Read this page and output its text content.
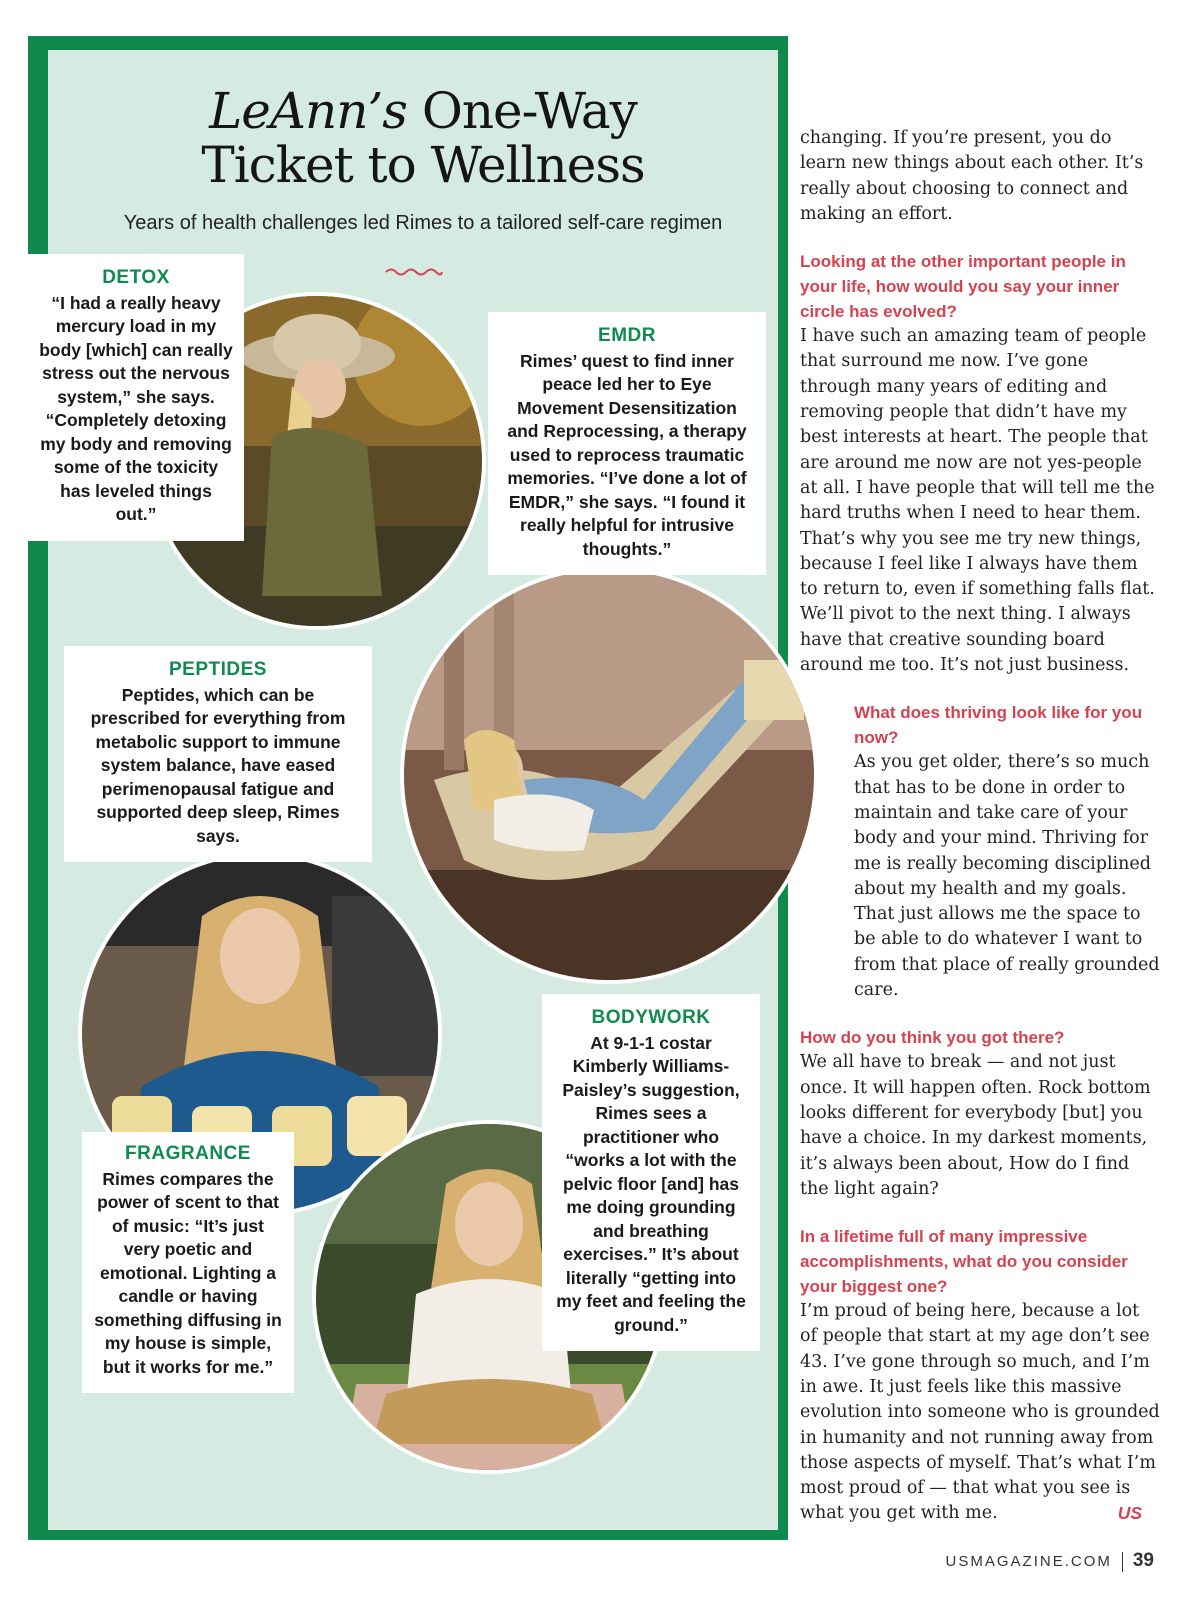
LeAnn’s One-Way
Ticket to Wellness
Years of health challenges led Rimes to a tailored self-care regimen
DETOX
“I had a really heavy mercury load in my body [which] can really stress out the nervous system,” she says. “Completely detoxing my body and removing some of the toxicity has leveled things out.”
EMDR
Rimes’ quest to find inner peace led her to Eye Movement Desensitization and Reprocessing, a therapy used to reprocess traumatic memories. “I’ve done a lot of EMDR,” she says. “I found it really helpful for intrusive thoughts.”
PEPTIDES
Peptides, which can be prescribed for everything from metabolic support to immune system balance, have eased perimenopausal fatigue and supported deep sleep, Rimes says.
FRAGRANCE
Rimes compares the power of scent to that of music: “It’s just very poetic and emotional. Lighting a candle or having something diffusing in my house is simple, but it works for me.”
BODYWORK
At 9-1-1 costar Kimberly Williams-Paisley’s suggestion, Rimes sees a practitioner who “works a lot with the pelvic floor [and] has me doing grounding and breathing exercises.” It’s about literally “getting into my feet and feeling the ground.”

changing. If you’re present, you do learn new things about each other. It’s really about choosing to connect and making an effort.

Looking at the other important people in your life, how would you say your inner circle has evolved?

I have such an amazing team of people that surround me now. I’ve gone through many years of editing and removing people that didn’t have my best interests at heart. The people that are around me now are not yes-people at all. I have people that will tell me the hard truths when I need to hear them. That’s why you see me try new things, because I feel like I always have them to return to, even if something falls flat. We’ll pivot to the next thing. I always have that creative sounding board around me too. It’s not just business.

What does thriving look like for you now?

As you get older, there’s so much that has to be done in order to maintain and take care of your body and your mind. Thriving for me is really becoming disciplined about my health and my goals. That just allows me the space to be able to do whatever I want to from that place of really grounded care.

How do you think you got there?

We all have to break — and not just once. It will happen often. Rock bottom looks different for everybody [but] you have a choice. In my darkest moments, it’s always been about, How do I find the light again?

In a lifetime full of many impressive accomplishments, what do you consider your biggest one?

I’m proud of being here, because a lot of people that start at my age don’t see 43. I’ve gone through so much, and I’m in awe. It just feels like this massive evolution into someone who is grounded in humanity and not running away from those aspects of myself. That’s what I’m most proud of — that what you see is what you get with me.	US

USMAGAZINE.COM 39
